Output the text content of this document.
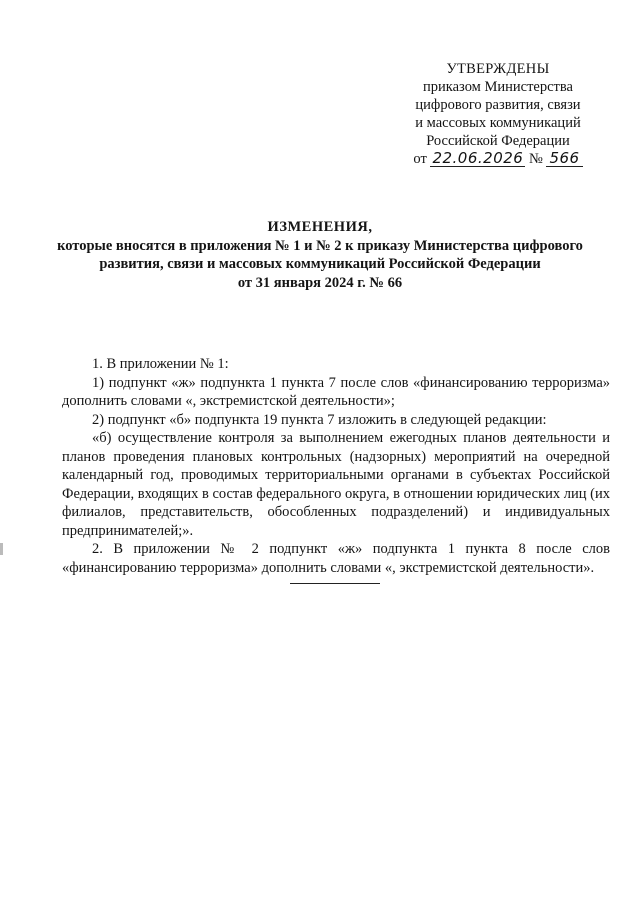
УТВЕРЖДЕНЫ
приказом Министерства
цифрового развития, связи
и массовых коммуникаций
Российской Федерации
от 22.06.2026 № 566
ИЗМЕНЕНИЯ,
которые вносятся в приложения № 1 и № 2 к приказу Министерства цифрового
развития, связи и массовых коммуникаций Российской Федерации
от 31 января 2024 г. № 66

1. В приложении № 1:

1) подпункт «ж» подпункта 1 пункта 7 после слов «финансированию терроризма» дополнить словами «, экстремистской деятельности»;

2) подпункт «б» подпункта 19 пункта 7 изложить в следующей редакции:

«б) осуществление контроля за выполнением ежегодных планов деятельности и планов проведения плановых контрольных (надзорных) мероприятий на очередной календарный год, проводимых территориальными органами в субъектах Российской Федерации, входящих в состав федерального округа, в отношении юридических лиц (их филиалов, представительств, обособленных подразделений) и индивидуальных предпринимателей;».

2. В приложении № 2 подпункт «ж» подпункта 1 пункта 8 после слов «финансированию терроризма» дополнить словами «, экстремистской деятельности».
